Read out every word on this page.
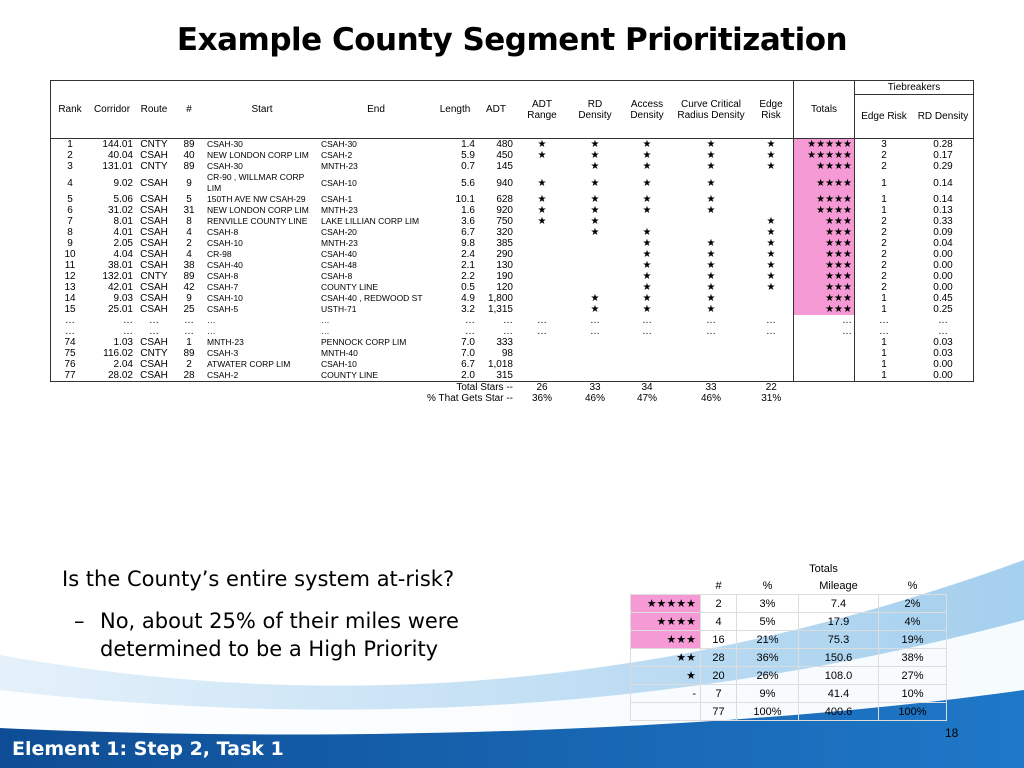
Example County Segment Prioritization
Rank	Corridor	Route	#	Start	End	Length	ADT	ADT Range	RD Density	Access Density	Curve Critical Radius Density	Edge Risk	Totals	Tiebreakers	
														Edge Risk	RD Density
1	144.01	CNTY	89	CSAH-30	CSAH-30	1.4	480	★	★	★	★	★	★★★★★	3	0.28
2	40.04	CSAH	40	NEW LONDON CORP LIM	CSAH-2	5.9	450	★	★	★	★	★	★★★★★	2	0.17
3	131.01	CNTY	89	CSAH-30	MNTH-23	0.7	145		★	★	★	★	★★★★	2	0.29
4	9.02	CSAH	9	CR-90 , WILLMAR CORP LIM	CSAH-10	5.6	940	★	★	★	★		★★★★	1	0.14
5	5.06	CSAH	5	150TH AVE NW CSAH-29	CSAH-1	10.1	628	★	★	★	★		★★★★	1	0.14
6	31.02	CSAH	31	NEW LONDON CORP LIM	MNTH-23	1.6	920	★	★	★	★		★★★★	1	0.13
7	8.01	CSAH	8	RENVILLE COUNTY LINE	LAKE LILLIAN CORP LIM	3.6	750	★	★			★	★★★	2	0.33
8	4.01	CSAH	4	CSAH-8	CSAH-20	6.7	320		★	★		★	★★★	2	0.09
9	2.05	CSAH	2	CSAH-10	MNTH-23	9.8	385			★	★	★	★★★	2	0.04
10	4.04	CSAH	4	CR-98	CSAH-40	2.4	290			★	★	★	★★★	2	0.00
11	38.01	CSAH	38	CSAH-40	CSAH-48	2.1	130			★	★	★	★★★	2	0.00
12	132.01	CNTY	89	CSAH-8	CSAH-8	2.2	190			★	★	★	★★★	2	0.00
13	42.01	CSAH	42	CSAH-7	COUNTY LINE	0.5	120			★	★	★	★★★	2	0.00
14	9.03	CSAH	9	CSAH-10	CSAH-40 , REDWOOD ST	4.9	1,800		★	★	★		★★★	1	0.45
15	25.01	CSAH	25	CSAH-5	USTH-71	3.2	1,315		★	★	★		★★★	1	0.25
…	…	…	…	…	…	…	…	…	…	…	…	…	…	…	…
…	…	…	…	…	…	…	…	…	…	…	…	…	…	…	…
74	1.03	CSAH	1	MNTH-23	PENNOCK CORP LIM	7.0	333							1	0.03
75	116.02	CNTY	89	CSAH-3	MNTH-40	7.0	98							1	0.03
76	2.04	CSAH	2	ATWATER CORP LIM	CSAH-10	6.7	1,018							1	0.00
77	28.02	CSAH	28	CSAH-2	COUNTY LINE	2.0	315							1	0.00
Total Stars --								26	33	34	33	22			
% That Gets Star --								36%	46%	47%	46%	31%			
Is the County’s entire system at-risk?
– No, about 25% of their miles were determined to be a High Priority
	Totals			
	#	%	Mileage	%
★★★★★	2	3%	7.4	2%
★★★★	4	5%	17.9	4%
★★★	16	21%	75.3	19%
★★	28	36%	150.6	38%
★	20	26%	108.0	27%
-	7	9%	41.4	10%
	77	100%	400.6	100%
18
Element 1: Step 2, Task 1
